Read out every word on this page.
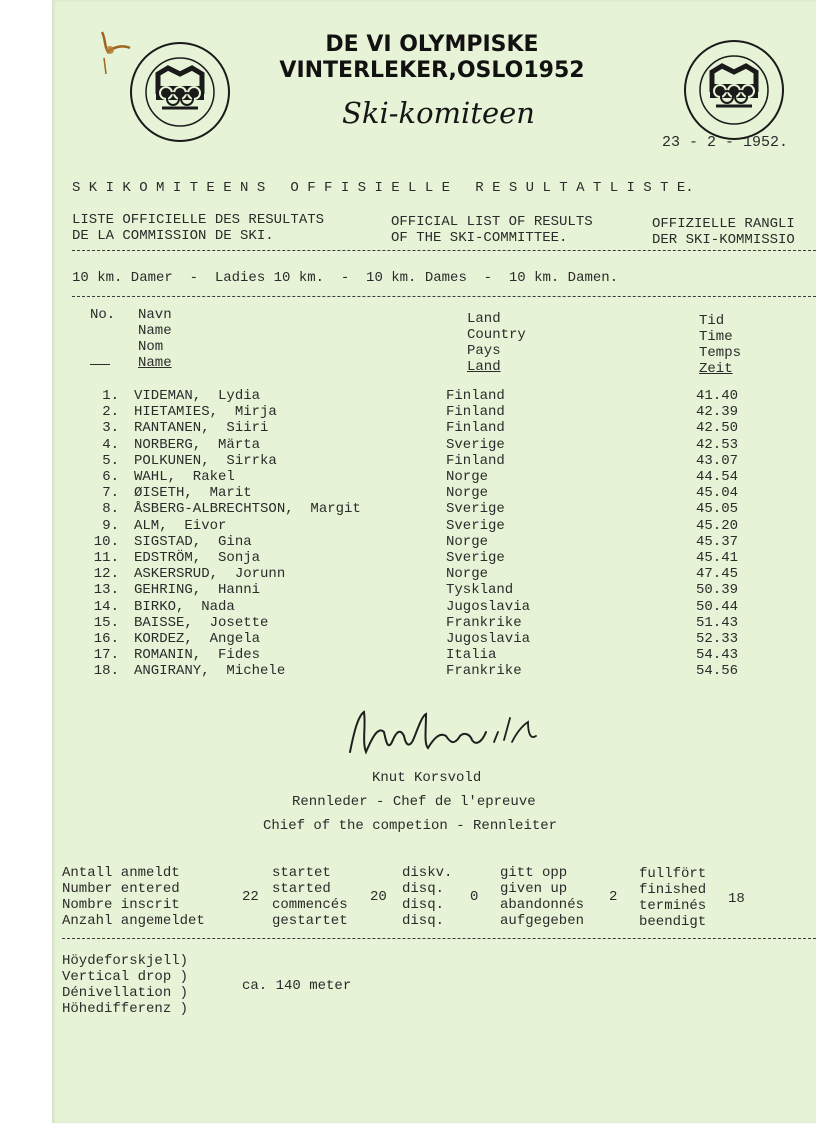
DE VI OLYMPISKE
VINTERLEKER,OSLO1952
Ski-komiteen
23 - 2 - 1952.
S K I K O M I T E E N S   O F F I S I E L L E   R E S U L T A T L I S T E.
LISTE OFFICIELLE DES RESULTATS
DE LA COMMISSION DE SKI.
OFFICIAL LIST OF RESULTS
OF THE SKI-COMMITTEE.
OFFIZIELLE RANGLI
DER SKI-KOMMISSIO
10 km. Damer  -  Ladies 10 km.  -  10 km. Dames  -  10 km. Damen.
No. Navn
Name
Nom
Name
Land
Country
Pays
Land
Tid
Time
Temps
Zeit
1. VIDEMAN,  Lydia	Finland	41.40
2. HIETAMIES,  Mirja	Finland	42.39
3. RANTANEN,  Siiri	Finland	42.50
4. NORBERG,  Märta	Sverige	42.53
5. POLKUNEN,  Sirrka	Finland	43.07
6. WAHL,  Rakel	Norge	44.54
7. ØISETH,  Marit	Norge	45.04
8. ÅSBERG-ALBRECHTSON,  Margit	Sverige	45.05
9. ALM,  Eivor	Sverige	45.20
10. SIGSTAD,  Gina	Norge	45.37
11. EDSTRÖM,  Sonja	Sverige	45.41
12. ASKERSRUD,  Jorunn	Norge	47.45
13. GEHRING,  Hanni	Tyskland	50.39
14. BIRKO,  Nada	Jugoslavia	50.44
15. BAISSE,  Josette	Frankrike	51.43
16. KORDEZ,  Angela	Jugoslavia	52.33
17. ROMANIN,  Fides	Italia	54.43
18. ANGIRANY,  Michele	Frankrike	54.56
Knut Korsvold
Rennleder - Chef de l'epreuve
Chief of the competion - Rennleiter
Antall anmeldt
Number entered
Nombre inscrit
Anzahl angemeldet
22
startet
started
commencés
gestartet
20
diskv.
disq.
disq.
disq.
0
gitt opp
given up
abandonnés
aufgegeben
2
fullfört
finished
terminés
beendigt
18
Höydeforskjell)
Vertical drop )
Dénivellation )
Höhedifferenz )
ca. 140 meter
